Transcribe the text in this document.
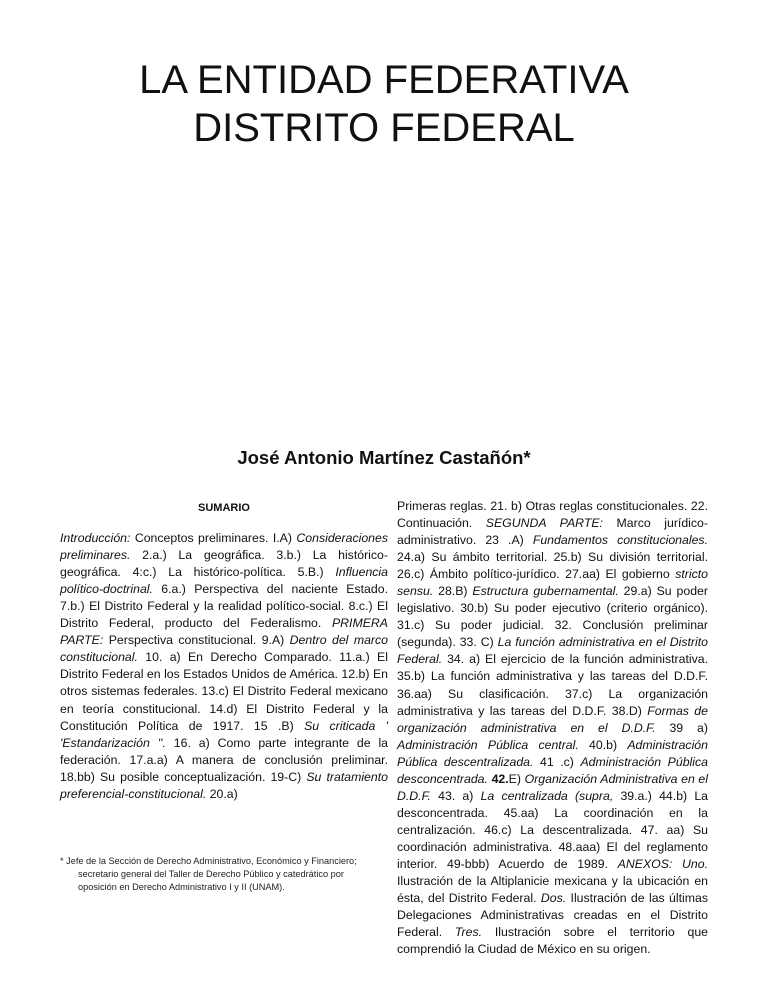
LA ENTIDAD FEDERATIVA
DISTRITO FEDERAL
José Antonio Martínez Castañón*
SUMARIO

Introducción: Conceptos preliminares. I.A) Consideraciones preliminares. 2.a.) La geográfica. 3.b.) La histórico-geográfica. 4:c.) La histórico-política. 5.B.) Influencia político-doctrinal. 6.a.) Perspectiva del naciente Estado. 7.b.) El Distrito Federal y la realidad político-social. 8.c.) El Distrito Federal, producto del Federalismo. PRIMERA PARTE: Perspectiva constitucional. 9.A) Dentro del marco constitucional. 10. a) En Derecho Comparado. 11.a.) El Distrito Federal en los Estados Unidos de América. 12.b) En otros sistemas federales. 13.c) El Distrito Federal mexicano en teoría constitucional. 14.d) El Distrito Federal y la Constitución Política de 1917. 15 .B) Su criticada ' 'Estandarización ''. 16. a) Como parte integrante de la federación. 17.a.a) A manera de conclusión preliminar. 18.bb) Su posible conceptualización. 19-C) Su tratamiento preferencial-constitucional. 20.a)

Primeras reglas. 21. b) Otras reglas constitucionales. 22. Continuación. SEGUNDA PARTE: Marco jurídico-administrativo. 23 .A) Fundamentos constitucionales. 24.a) Su ámbito territorial. 25.b) Su división territorial. 26.c) Ámbito político-jurídico. 27.aa) El gobierno stricto sensu. 28.B) Estructura gubernamental. 29.a) Su poder legislativo. 30.b) Su poder ejecutivo (criterio orgánico). 31.c) Su poder judicial. 32. Conclusión preliminar (segunda). 33. C) La función administrativa en el Distrito Federal. 34. a) El ejercicio de la función administrativa. 35.b) La función administrativa y las tareas del D.D.F. 36.aa) Su clasificación. 37.c) La organización administrativa y las tareas del D.D.F. 38.D) Formas de organización administrativa en el D.D.F. 39 a) Administración Pública central. 40.b) Administración Pública descentralizada. 41 .c) Administración Pública desconcentrada. 42.E) Organización Administrativa en el D.D.F. 43. a) La centralizada (supra, 39.a.) 44.b) La desconcentrada. 45.aa) La coordinación en la centralización. 46.c) La descentralizada. 47. aa) Su coordinación administrativa. 48.aaa) El del reglamento interior. 49-bbb) Acuerdo de 1989. ANEXOS: Uno. Ilustración de la Altiplanicie mexicana y la ubicación en ésta, del Distrito Federal. Dos. Ilustración de las últimas Delegaciones Administrativas creadas en el Distrito Federal. Tres. Ilustración sobre el territorio que comprendió la Ciudad de México en su origen.

* Jefe de la Sección de Derecho Administrativo, Económico y Financiero;
secretario general del Taller de Derecho Público y catedrático por
oposición en Derecho Administrativo I y II (UNAM).
